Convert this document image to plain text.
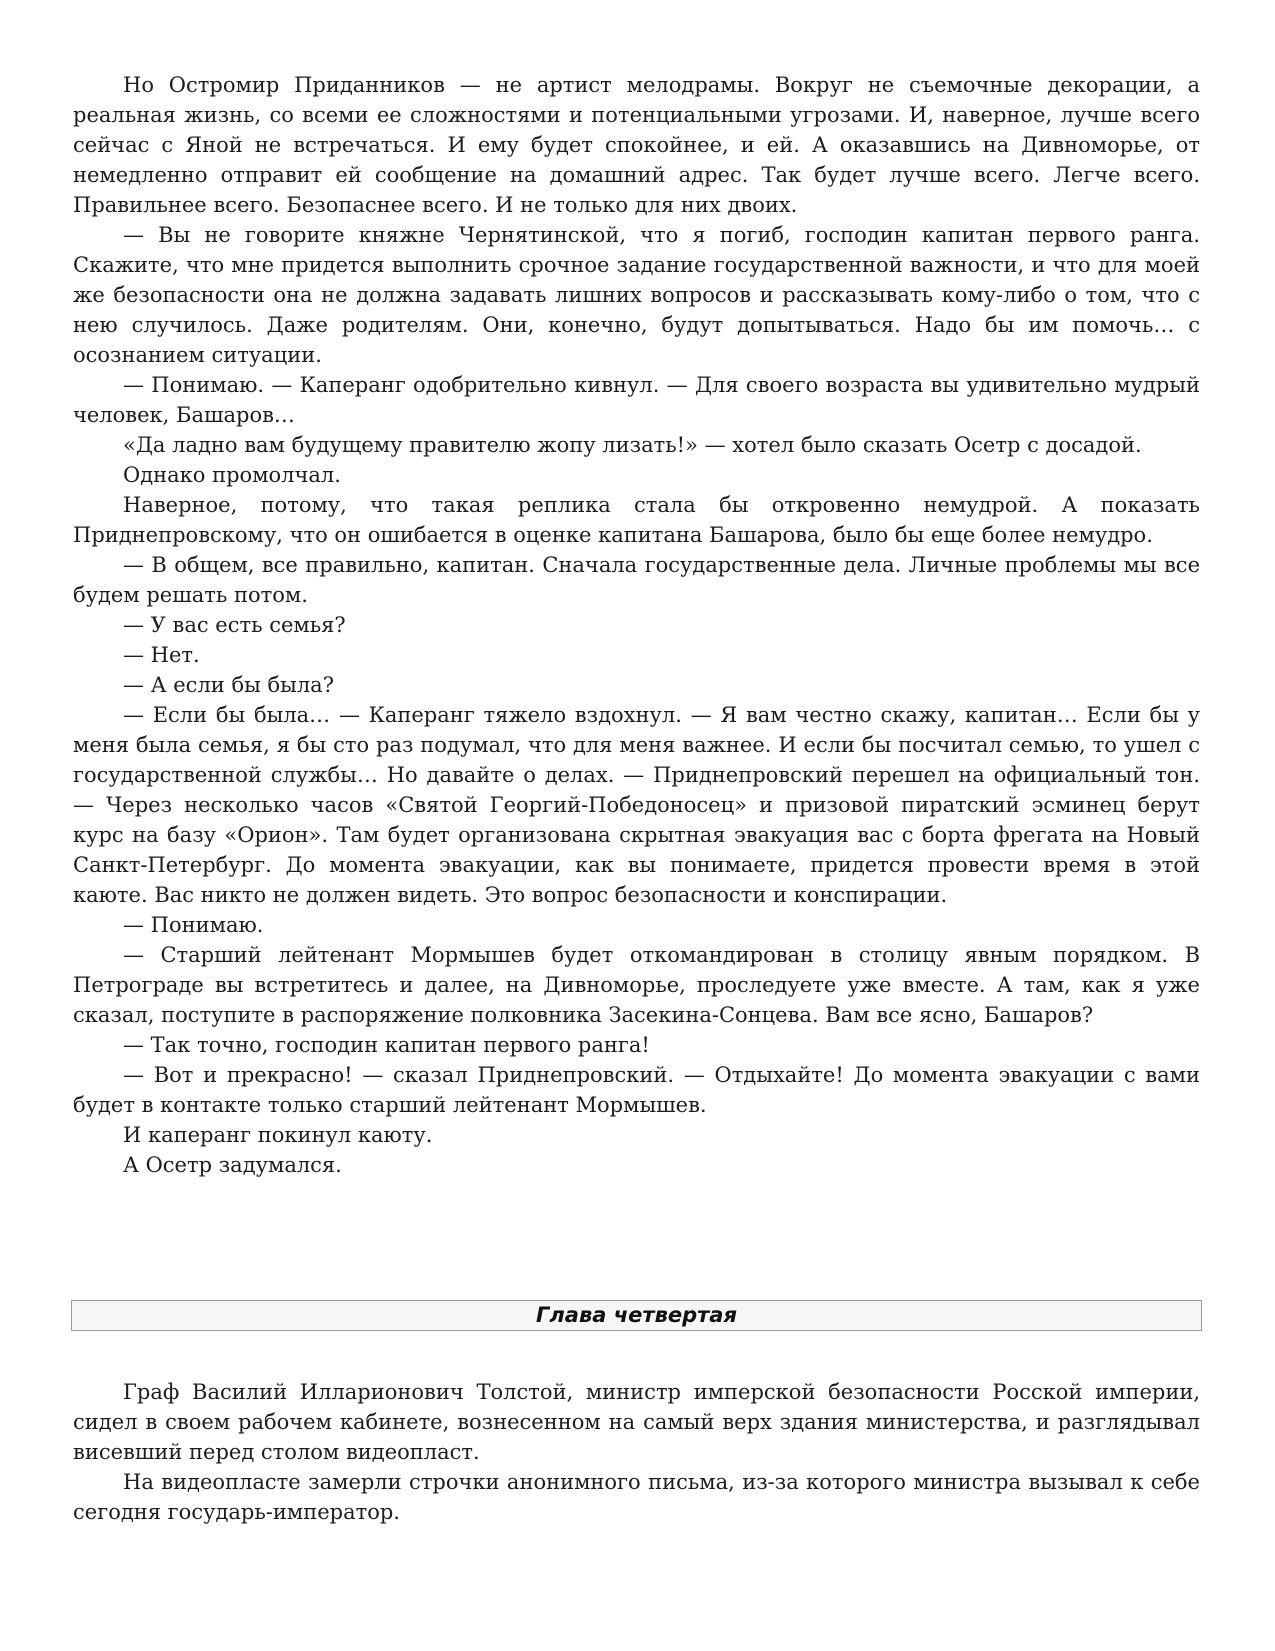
Но Остромир Приданников — не артист мелодрамы. Вокруг не съемочные декорации, а реальная жизнь, со всеми ее сложностями и потенциальными угрозами. И, наверное, лучше всего сейчас с Яной не встречаться. И ему будет спокойнее, и ей. А оказавшись на Дивноморье, от немедленно отправит ей сообщение на домашний адрес. Так будет лучше всего. Легче всего. Правильнее всего. Безопаснее всего. И не только для них двоих.

— Вы не говорите княжне Чернятинской, что я погиб, господин капитан первого ранга. Скажите, что мне придется выполнить срочное задание государственной важности, и что для моей же безопасности она не должна задавать лишних вопросов и рассказывать кому-либо о том, что с нею случилось. Даже родителям. Они, конечно, будут допытываться. Надо бы им помочь… с осознанием ситуации.

— Понимаю. — Каперанг одобрительно кивнул. — Для своего возраста вы удивительно мудрый человек, Башаров…

«Да ладно вам будущему правителю жопу лизать!» — хотел было сказать Осетр с досадой.

Однако промолчал.

Наверное, потому, что такая реплика стала бы откровенно немудрой. А показать Приднепровскому, что он ошибается в оценке капитана Башарова, было бы еще более немудро.

— В общем, все правильно, капитан. Сначала государственные дела. Личные проблемы мы все будем решать потом.

— У вас есть семья?

— Нет.

— А если бы была?

— Если бы была… — Каперанг тяжело вздохнул. — Я вам честно скажу, капитан… Если бы у меня была семья, я бы сто раз подумал, что для меня важнее. И если бы посчитал семью, то ушел с государственной службы… Но давайте о делах. — Приднепровский перешел на официальный тон. — Через несколько часов «Святой Георгий-Победоносец» и призовой пиратский эсминец берут курс на базу «Орион». Там будет организована скрытная эвакуация вас с борта фрегата на Новый Санкт-Петербург. До момента эвакуации, как вы понимаете, придется провести время в этой каюте. Вас никто не должен видеть. Это вопрос безопасности и конспирации.

— Понимаю.

— Старший лейтенант Мормышев будет откомандирован в столицу явным порядком. В Петрограде вы встретитесь и далее, на Дивноморье, проследуете уже вместе. А там, как я уже сказал, поступите в распоряжение полковника Засекина-Сонцева. Вам все ясно, Башаров?

— Так точно, господин капитан первого ранга!

— Вот и прекрасно! — сказал Приднепровский. — Отдыхайте! До момента эвакуации с вами будет в контакте только старший лейтенант Мормышев.

И каперанг покинул каюту.

А Осетр задумался.

Глава четвертая

Граф Василий Илларионович Толстой, министр имперской безопасности Росской империи, сидел в своем рабочем кабинете, вознесенном на самый верх здания министерства, и разглядывал висевший перед столом видеопласт.

На видеопласте замерли строчки анонимного письма, из-за которого министра вызывал к себе сегодня государь-император.
